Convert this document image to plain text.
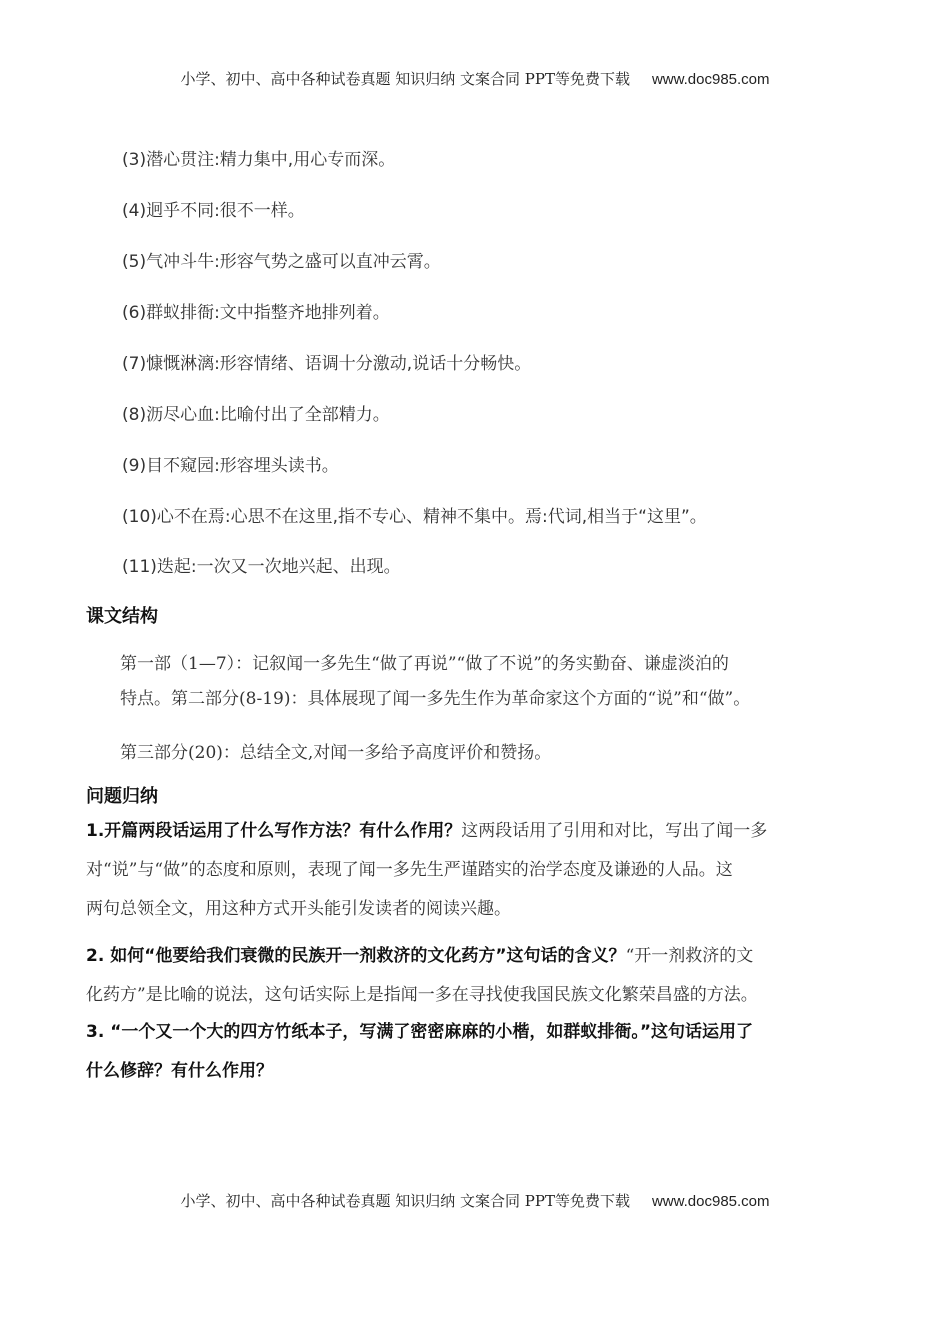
小学、初中、高中各种试卷真题 知识归纳 文案合同 PPT等免费下载 www.doc985.com
(3)潜心贯注:精力集中,用心专而深。
(4)迥乎不同:很不一样。
(5)气冲斗牛:形容气势之盛可以直冲云霄。
(6)群蚁排衙:文中指整齐地排列着。
(7)慷慨淋漓:形容情绪、语调十分激动,说话十分畅快。
(8)沥尽心血:比喻付出了全部精力。
(9)目不窥园:形容埋头读书。
(10)心不在焉:心思不在这里,指不专心、精神不集中。焉:代词,相当于“这里”。
(11)迭起:一次又一次地兴起、出现。
课文结构
第一部（1—7）：记叙闻一多先生“做了再说”“做了不说”的务实勤奋、谦虚淡泊的
特点。第二部分(8-19)：具体展现了闻一多先生作为革命家这个方面的“说”和“做”。
第三部分(20)：总结全文,对闻一多给予高度评价和赞扬。
问题归纳
1.开篇两段话运用了什么写作方法？有什么作用？这两段话用了引用和对比，写出了闻一多
对“说”与“做”的态度和原则，表现了闻一多先生严谨踏实的治学态度及谦逊的人品。这
两句总领全文，用这种方式开头能引发读者的阅读兴趣。
2. 如何“他要给我们衰微的民族开一剂救济的文化药方”这句话的含义？“开一剂救济的文
化药方”是比喻的说法，这句话实际上是指闻一多在寻找使我国民族文化繁荣昌盛的方法。
3. “一个又一个大的四方竹纸本子，写满了密密麻麻的小楷，如群蚁排衙。”这句话运用了
什么修辞？有什么作用？
小学、初中、高中各种试卷真题 知识归纳 文案合同 PPT等免费下载 www.doc985.com
